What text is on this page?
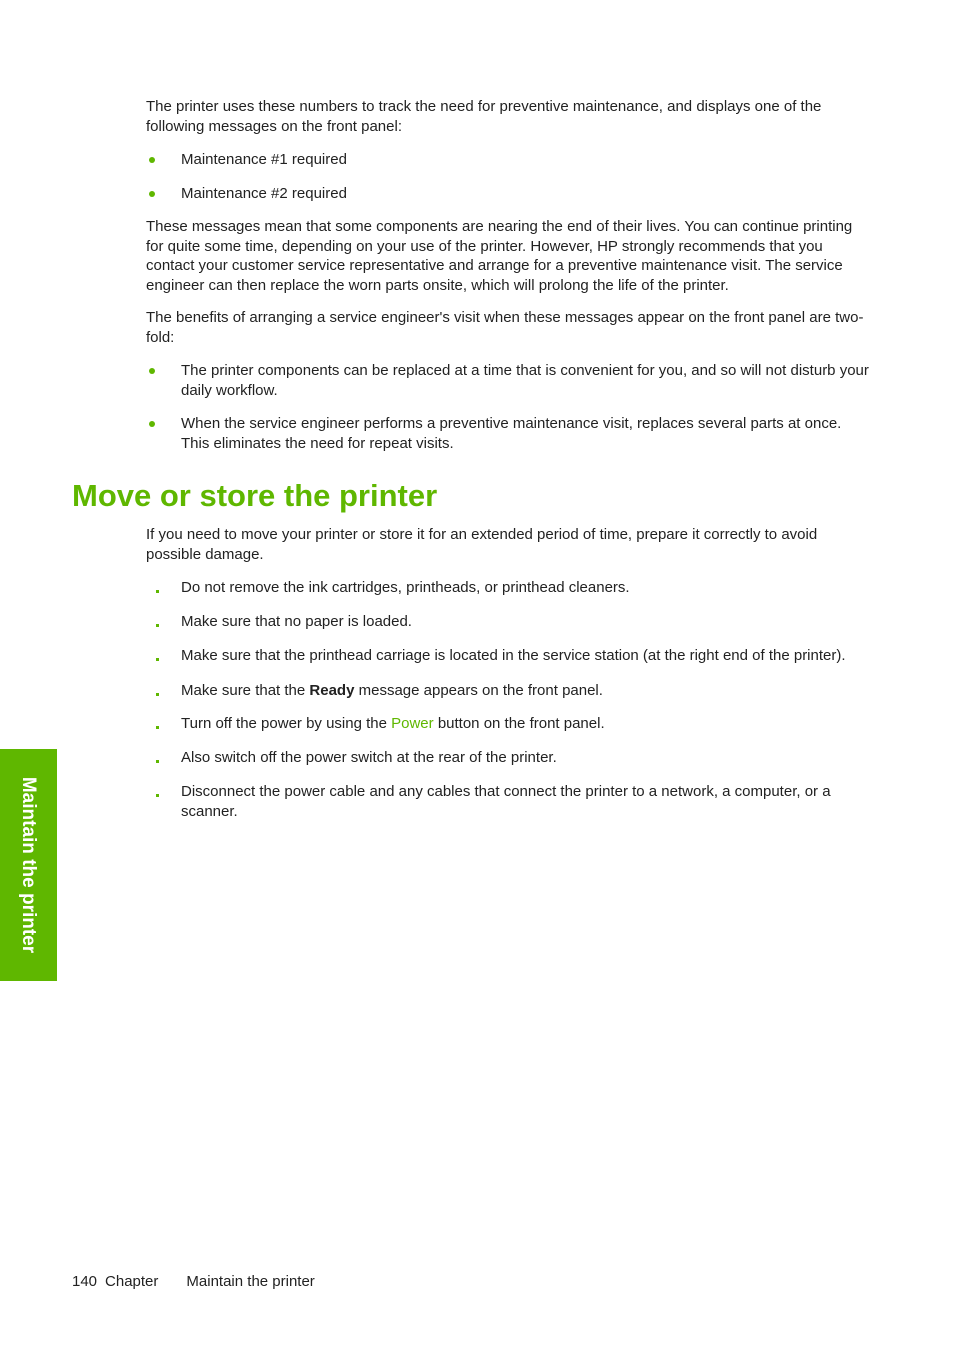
The printer uses these numbers to track the need for preventive maintenance, and displays one of the following messages on the front panel:

Maintenance #1 required
Maintenance #2 required

These messages mean that some components are nearing the end of their lives. You can continue printing for quite some time, depending on your use of the printer. However, HP strongly recommends that you contact your customer service representative and arrange for a preventive maintenance visit. The service engineer can then replace the worn parts onsite, which will prolong the life of the printer.

The benefits of arranging a service engineer's visit when these messages appear on the front panel are two-fold:

The printer components can be replaced at a time that is convenient for you, and so will not disturb your daily workflow.
When the service engineer performs a preventive maintenance visit, replaces several parts at once. This eliminates the need for repeat visits.
Move or store the printer

If you need to move your printer or store it for an extended period of time, prepare it correctly to avoid possible damage.

Do not remove the ink cartridges, printheads, or printhead cleaners.
Make sure that no paper is loaded.
Make sure that the printhead carriage is located in the service station (at the right end of the printer).
Make sure that the Ready message appears on the front panel.
Turn off the power by using the Power button on the front panel.
Also switch off the power switch at the rear of the printer.
Disconnect the power cable and any cables that connect the printer to a network, a computer, or a scanner.
Maintain the printer
140 Chapter Maintain the printer
